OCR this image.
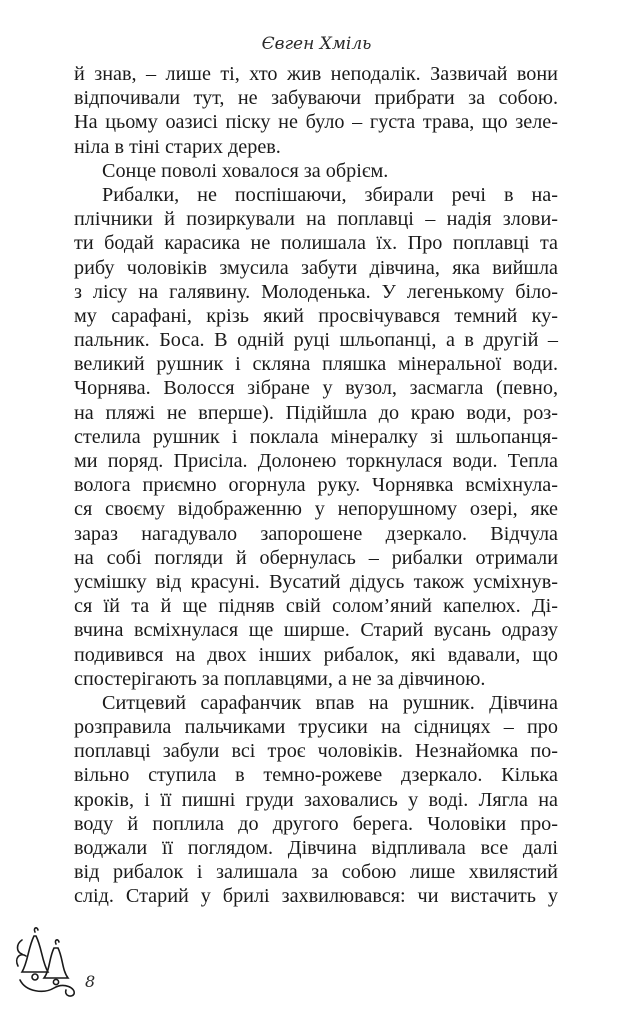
Євген Хміль
й знав, – лише ті, хто жив неподалік. Зазвичай вони
відпочивали тут, не забуваючи прибрати за собою.
На цьому оазисі піску не було – густа трава, що зеле-
ніла в тіні старих дерев.
Сонце поволі ховалося за обрієм.
Рибалки, не поспішаючи, збирали речі в на-
плічники й позиркували на поплавці – надія злови-
ти бодай карасика не полишала їх. Про поплавці та
рибу чоловіків змусила забути дівчина, яка вийшла
з лісу на галявину. Молоденька. У легенькому біло-
му сарафані, крізь який просвічувався темний ку-
пальник. Боса. В одній руці шльопанці, а в другій –
великий рушник і скляна пляшка мінеральної води.
Чорнява. Волосся зібране у вузол, засмагла (певно,
на пляжі не вперше). Підійшла до краю води, роз-
стелила рушник і поклала мінералку зі шльопанця-
ми поряд. Присіла. Долонею торкнулася води. Тепла
волога приємно огорнула руку. Чорнявка всміхнула-
ся своєму відображенню у непорушному озері, яке
зараз нагадувало запорошене дзеркало. Відчула
на собі погляди й обернулась – рибалки отримали
усмішку від красуні. Вусатий дідусь також усміхнув-
ся їй та й ще підняв свій солом’яний капелюх. Ді-
вчина всміхнулася ще ширше. Старий вусань одразу
подивився на двох інших рибалок, які вдавали, що
спостерігають за поплавцями, а не за дівчиною.
Ситцевий сарафанчик впав на рушник. Дівчина
розправила пальчиками трусики на сідницях – про
поплавці забули всі троє чоловіків. Незнайомка по-
вільно ступила в темно-рожеве дзеркало. Кілька
кроків, і її пишні груди заховались у воді. Лягла на
воду й поплила до другого берега. Чоловіки про-
воджали її поглядом. Дівчина відпливала все далі
від рибалок і залишала за собою лише хвилястий
слід. Старий у брилі захвилювався: чи вистачить у
8
